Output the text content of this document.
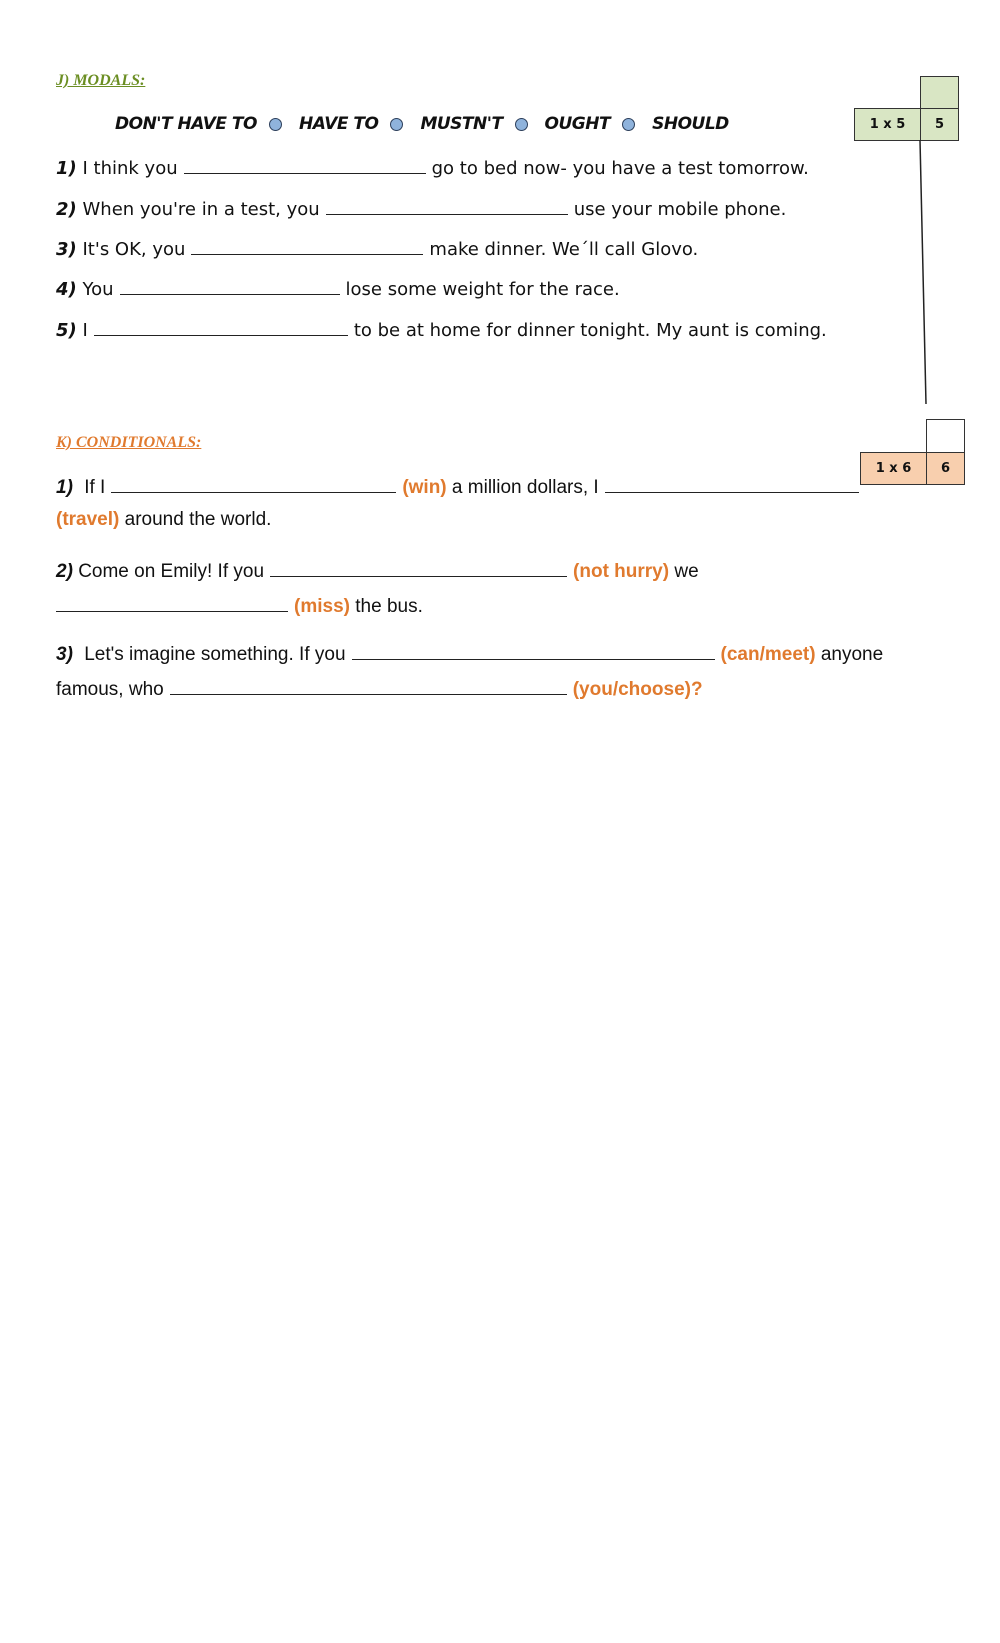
J) MODALS:
DON'T HAVE TO HAVE TO MUSTN'T OUGHT SHOULD	1 x 5	5
1) I think you	go to bed now- you have a test tomorrow.
2) When you're in a test, you	use your mobile phone.
3) It's OK, you	make dinner. We´ll call Glovo.
4) You	lose some weight for the race.
5) I	to be at home for dinner tonight. My aunt is coming.
K) CONDITIONALS:
1 x 6	6
1) If I	(win) a million dollars, I
(travel) around the world.
2) Come on Emily! If you	(not hurry) we
(miss) the bus.
3) Let's imagine something. If you	(can/meet) anyone
famous, who	(you/choose)?
